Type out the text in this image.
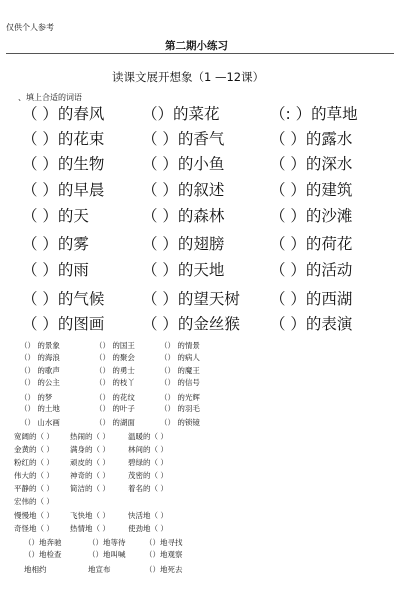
仅供个人参考
第二期小练习
读课文展开想象（1 —12课）
、填上合适的词语
（ ）的春风 （）的菜花	（: ）的草地
（ ）的花束 （ ）的香气	（ ）的露水
（ ）的生物 （ ）的小鱼	（ ）的深水
（ ）的早晨 （ ）的叙述	（ ）的建筑
（ ）的天	（ ）的森林	（ ）的沙滩
（ ）的雾	（ ）的翅膀	（ ）的荷花
（ ）的雨	（ ）的天地	（ ）的活动
（ ）的气候 （ ）的望天树 （ ）的西湖
（ ）的图画 （ ）的金丝猴 （ ）的表演
（） 的景象	（） 的国王	（） 的情景
（） 的海浪	（） 的聚会	（） 的病人
（） 的歌声	（） 的勇士	（） 的魔王
（） 的公主	（） 的枝丫	（） 的信号
（） 的梦	（） 的花纹	（） 的光辉
（） 的土地	（） 的叶子	（） 的羽毛
（） 山水画	（） 的湖面	（） 的锁镜
宽阔的（ ） 热闹的（ ） 温暖的（ ）
金黄的（ ） 满身的（ ） 林间的（ ）
粉红的（ ） 顽皮的（ ） 碧绿的（ ）
伟大的（ ） 神奇的（ ） 茂密的（ ）
平静的（ ） 简洁的（ ） 着名的（ ）
宏伟的（ ）
慢慢地（ ） 飞快地（ ） 快活地（ ）
奇怪地（ ） 热情地（ ） 使劲地（ ）
（）地奔驰	（）地等待	（）地寻找
（）地检查	（）地叫喊	（）地观察
地相约	地宣布	（）地死去
